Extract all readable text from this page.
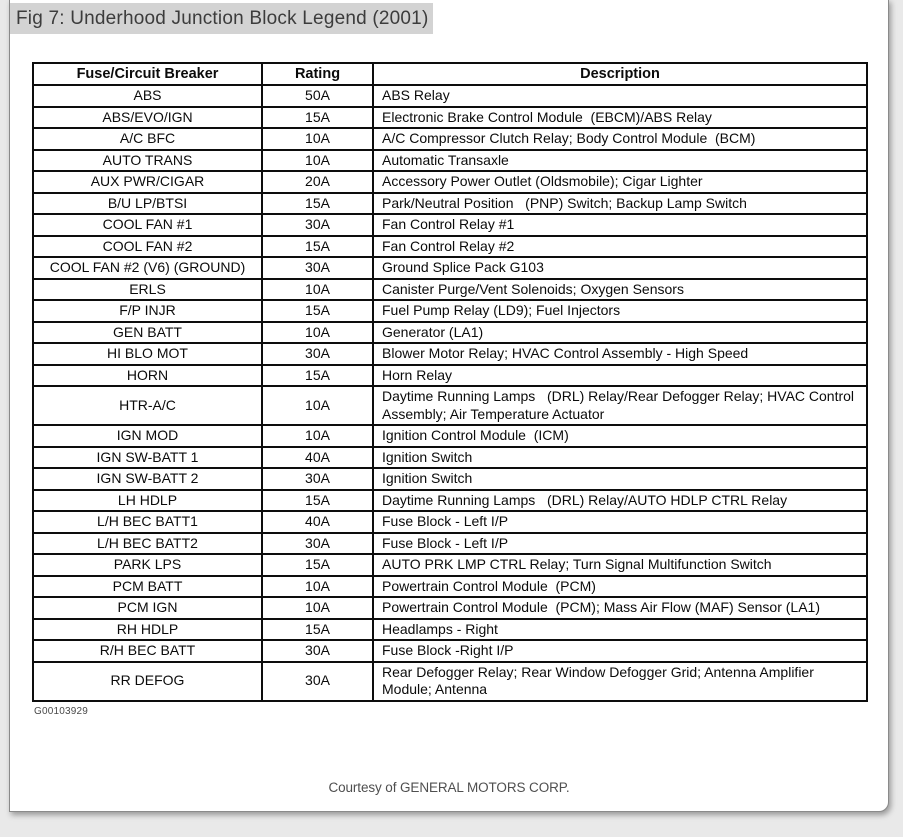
Fig 7: Underhood Junction Block Legend (2001)
Fuse/Circuit Breaker	Rating	Description
ABS	50A	ABS Relay
ABS/EVO/IGN	15A	Electronic Brake Control Module  (EBCM)/ABS Relay
A/C BFC	10A	A/C Compressor Clutch Relay; Body Control Module  (BCM)
AUTO TRANS	10A	Automatic Transaxle
AUX PWR/CIGAR	20A	Accessory Power Outlet (Oldsmobile); Cigar Lighter
B/U LP/BTSI	15A	Park/Neutral Position   (PNP) Switch; Backup Lamp Switch
COOL FAN #1	30A	Fan Control Relay #1
COOL FAN #2	15A	Fan Control Relay #2
COOL FAN #2 (V6) (GROUND)	30A	Ground Splice Pack G103
ERLS	10A	Canister Purge/Vent Solenoids; Oxygen Sensors
F/P INJR	15A	Fuel Pump Relay (LD9); Fuel Injectors
GEN BATT	10A	Generator (LA1)
HI BLO MOT	30A	Blower Motor Relay; HVAC Control Assembly - High Speed
HORN	15A	Horn Relay
HTR-A/C	10A	Daytime Running Lamps   (DRL) Relay/Rear Defogger Relay; HVAC Control Assembly; Air Temperature Actuator
IGN MOD	10A	Ignition Control Module  (ICM)
IGN SW-BATT 1	40A	Ignition Switch
IGN SW-BATT 2	30A	Ignition Switch
LH HDLP	15A	Daytime Running Lamps   (DRL) Relay/AUTO HDLP CTRL Relay
L/H BEC BATT1	40A	Fuse Block - Left I/P
L/H BEC BATT2	30A	Fuse Block - Left I/P
PARK LPS	15A	AUTO PRK LMP CTRL Relay; Turn Signal Multifunction Switch
PCM BATT	10A	Powertrain Control Module  (PCM)
PCM IGN	10A	Powertrain Control Module  (PCM); Mass Air Flow (MAF) Sensor (LA1)
RH HDLP	15A	Headlamps - Right
R/H BEC BATT	30A	Fuse Block -Right I/P
RR DEFOG	30A	Rear Defogger Relay; Rear Window Defogger Grid; Antenna Amplifier Module; Antenna
G00103929
Courtesy of GENERAL MOTORS CORP.
